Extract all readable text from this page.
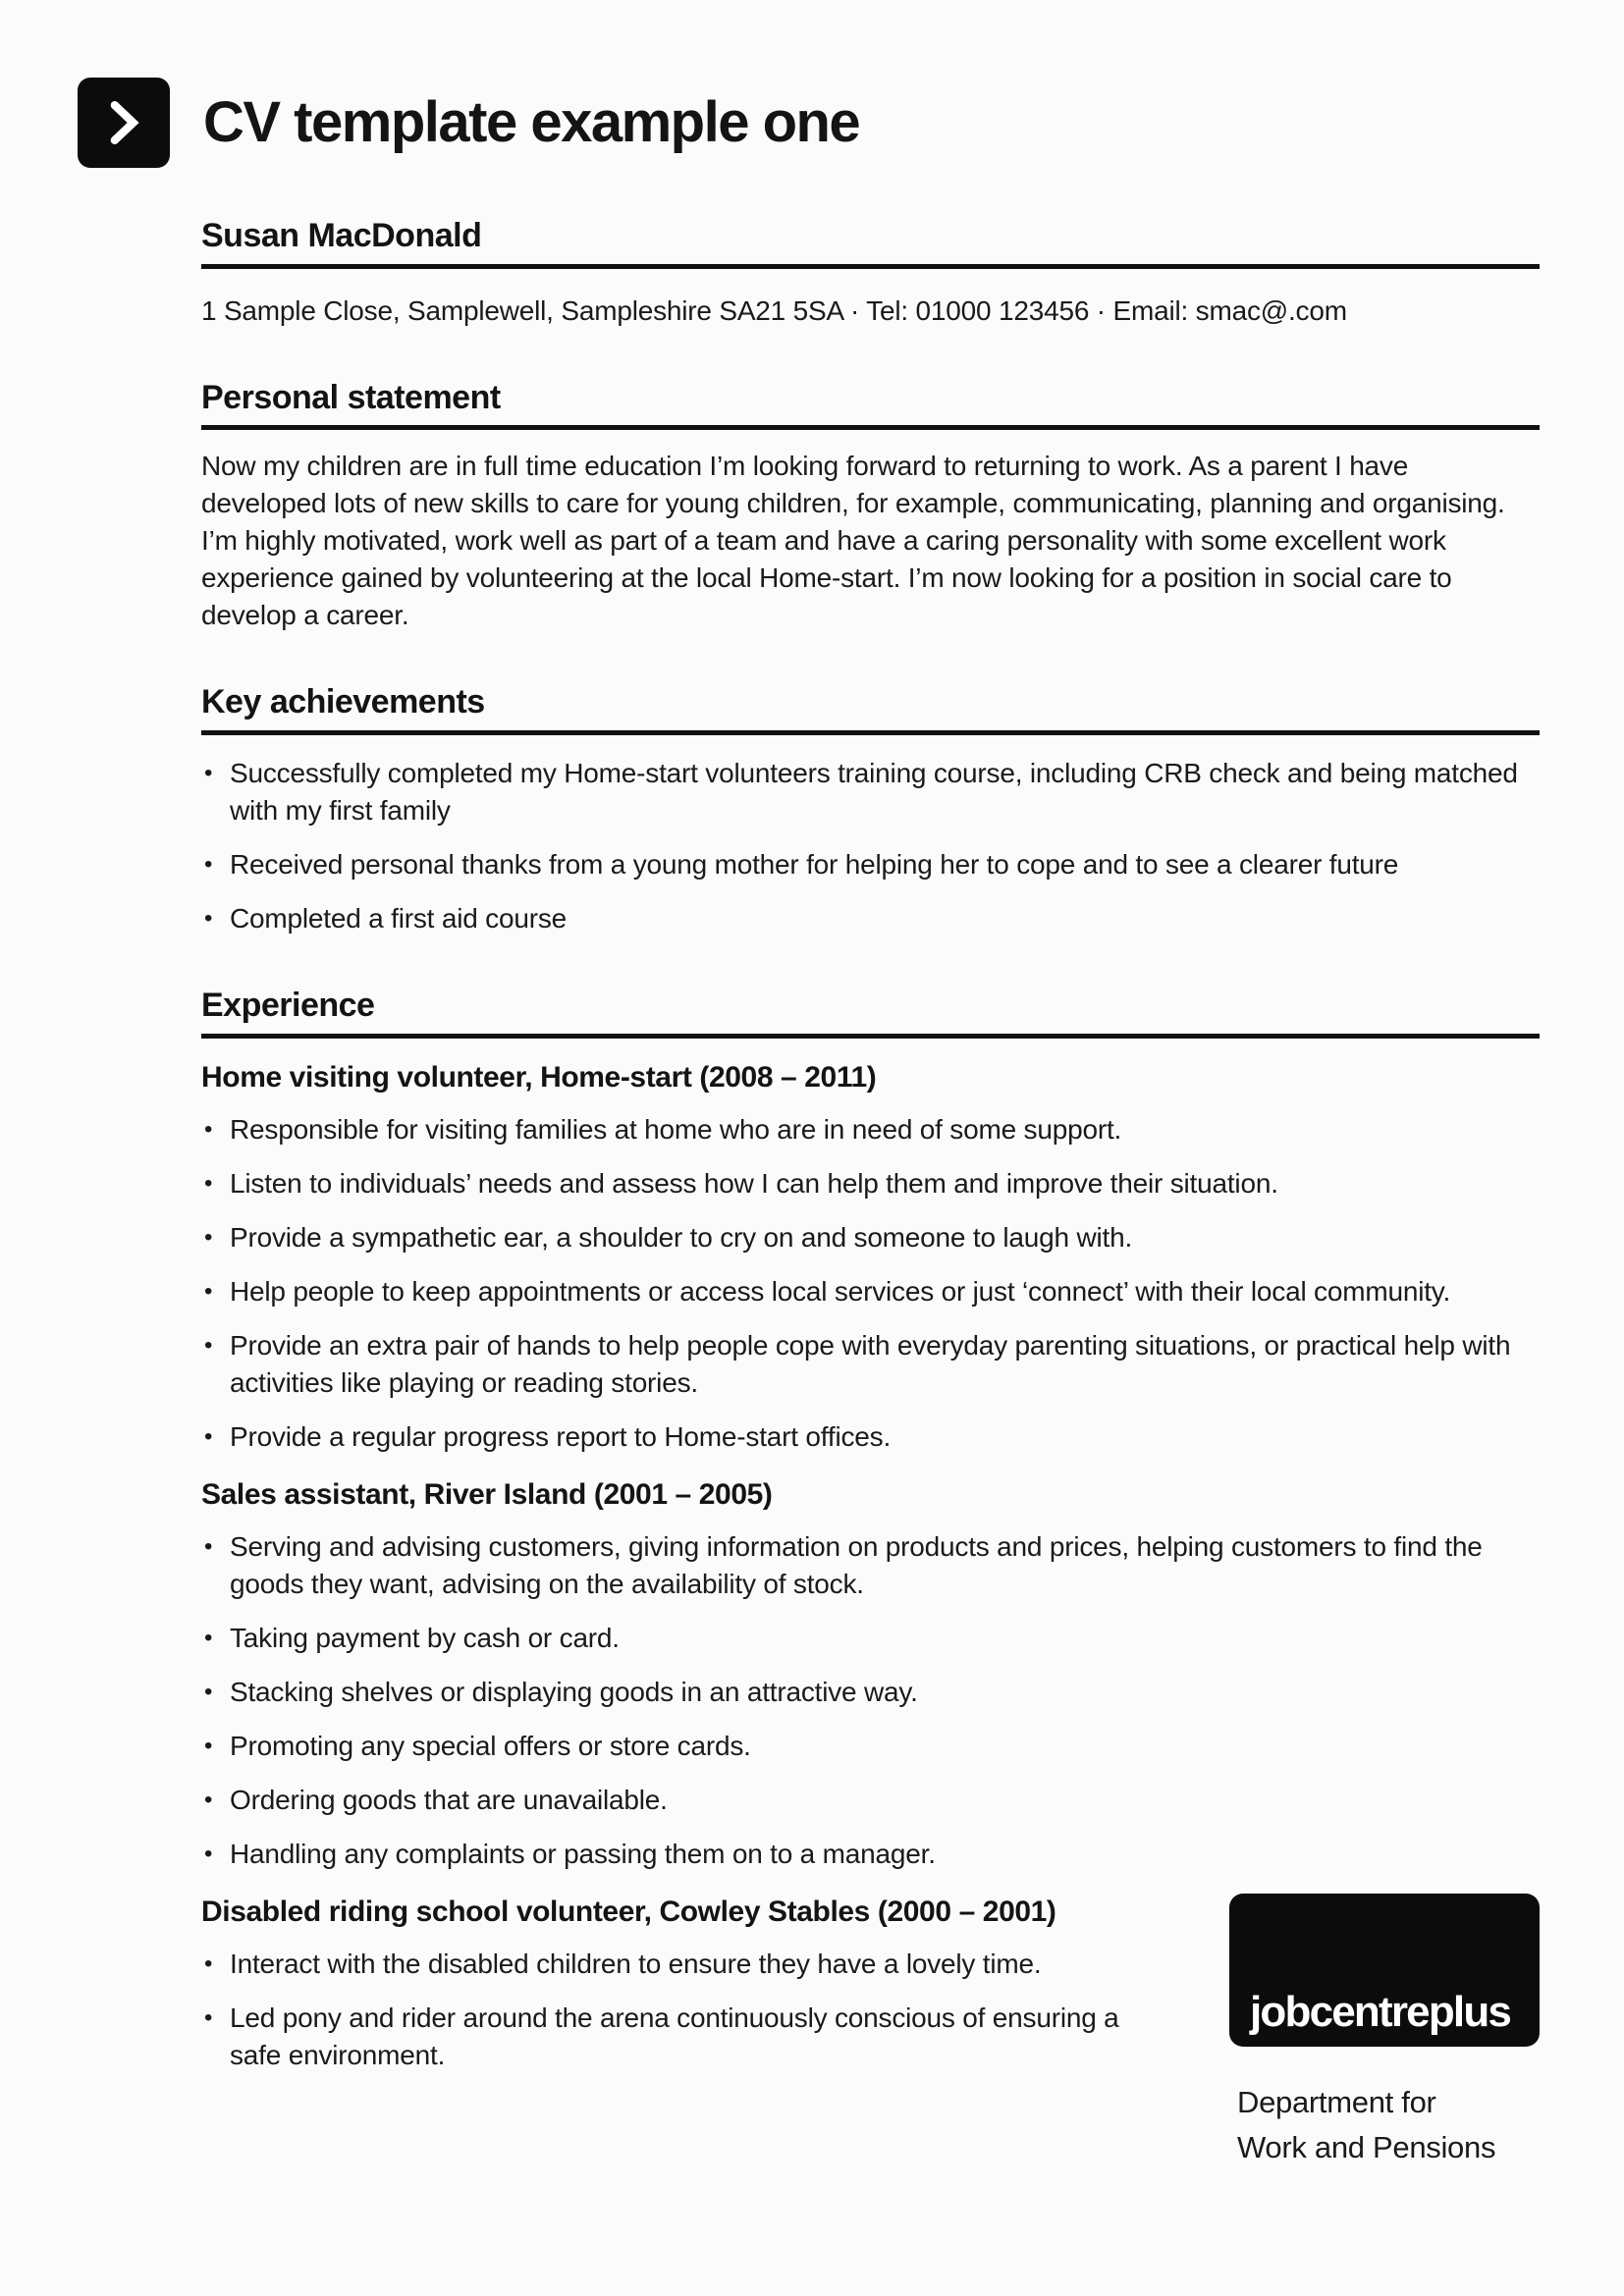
CV template example one
Susan MacDonald

1 Sample Close, Samplewell, Sampleshire SA21 5SA · Tel: 01000 123456 · Email: smac@.com

Personal statement

Now my children are in full time education I’m looking forward to returning to work. As a parent I have developed lots of new skills to care for young children, for example, communicating, planning and organising. I’m highly motivated, work well as part of a team and have a caring personality with some excellent work experience gained by volunteering at the local Home-start. I’m now looking for a position in social care to develop a career.

Key achievements
• Successfully completed my Home-start volunteers training course, including CRB check and being matched with my first family
• Received personal thanks from a young mother for helping her to cope and to see a clearer future
• Completed a first aid course
Experience
Home visiting volunteer, Home-start (2008 – 2011)
• Responsible for visiting families at home who are in need of some support.
• Listen to individuals’ needs and assess how I can help them and improve their situation.
• Provide a sympathetic ear, a shoulder to cry on and someone to laugh with.
• Help people to keep appointments or access local services or just ‘connect’ with their local community.
• Provide an extra pair of hands to help people cope with everyday parenting situations, or practical help with activities like playing or reading stories.
• Provide a regular progress report to Home-start offices.
Sales assistant, River Island (2001 – 2005)
• Serving and advising customers, giving information on products and prices, helping customers to find the goods they want, advising on the availability of stock.
• Taking payment by cash or card.
• Stacking shelves or displaying goods in an attractive way.
• Promoting any special offers or store cards.
• Ordering goods that are unavailable.
• Handling any complaints or passing them on to a manager.
jobcentreplus

Department for
Work and Pensions

Disabled riding school volunteer, Cowley Stables (2000 – 2001)
• Interact with the disabled children to ensure they have a lovely time.
• Led pony and rider around the arena continuously conscious of ensuring a safe environment.
